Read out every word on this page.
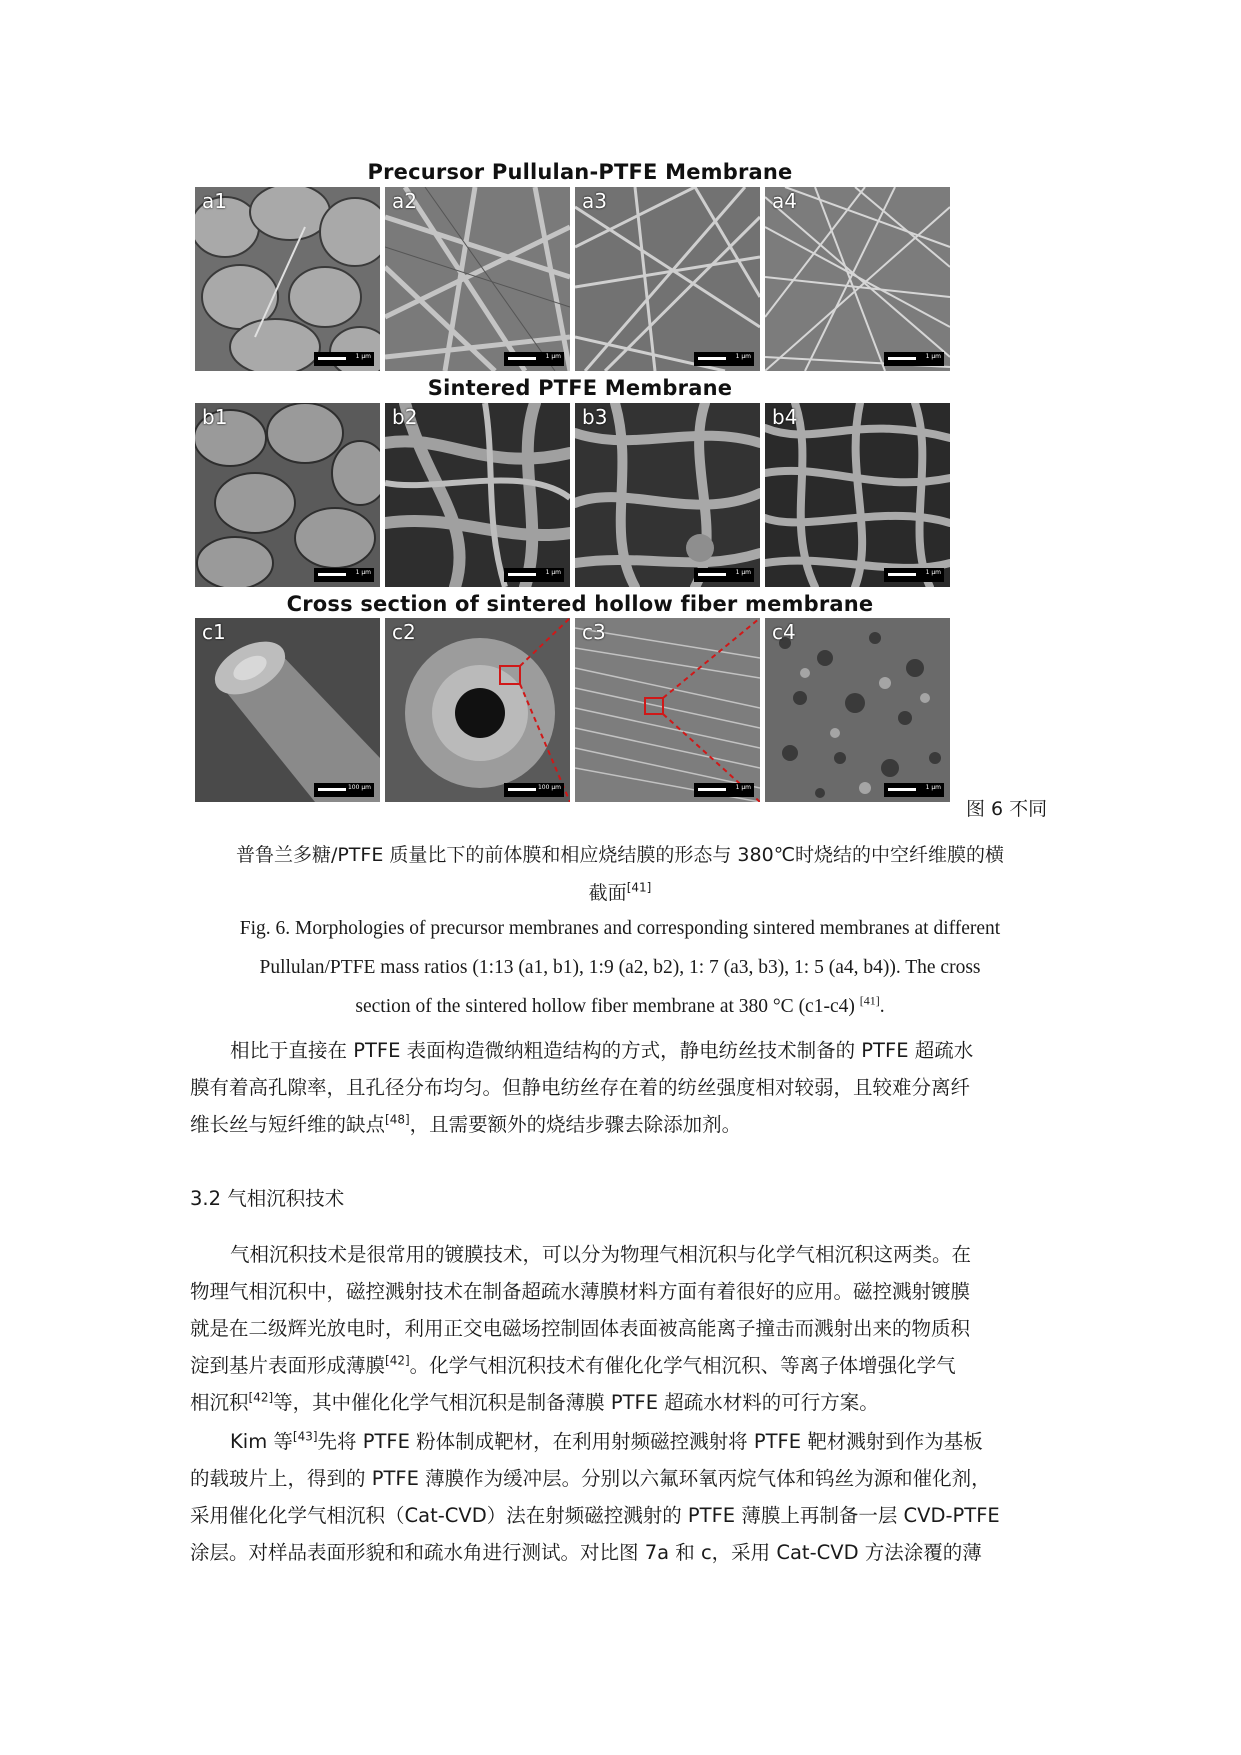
Precursor Pullulan-PTFE Membrane
Sintered PTFE Membrane
Cross section of sintered hollow fiber membrane
a1
1 μm
a2
1 μm
a3
1 μm
a4
1 μm
b1
1 μm
b2
1 μm
b3
1 μm
b4
1 μm
c1
100 μm
c2
100 μm
c3
1 μm
c4
1 μm
图 6 不同
普鲁兰多糖/PTFE 质量比下的前体膜和相应烧结膜的形态与 380℃时烧结的中空纤维膜的横
截面[41]
Fig. 6. Morphologies of precursor membranes and corresponding sintered membranes at different
Pullulan/PTFE mass ratios (1:13 (a1, b1), 1:9 (a2, b2), 1: 7 (a3, b3), 1: 5 (a4, b4)). The cross
section of the sintered hollow fiber membrane at 380 °C (c1-c4) [41].
相比于直接在 PTFE 表面构造微纳粗造结构的方式，静电纺丝技术制备的 PTFE 超疏水
膜有着高孔隙率，且孔径分布均匀。但静电纺丝存在着的纺丝强度相对较弱，且较难分离纤
维长丝与短纤维的缺点[48]，且需要额外的烧结步骤去除添加剂。
3.2 气相沉积技术
气相沉积技术是很常用的镀膜技术，可以分为物理气相沉积与化学气相沉积这两类。在
物理气相沉积中，磁控溅射技术在制备超疏水薄膜材料方面有着很好的应用。磁控溅射镀膜
就是在二级辉光放电时，利用正交电磁场控制固体表面被高能离子撞击而溅射出来的物质积
淀到基片表面形成薄膜[42]。化学气相沉积技术有催化化学气相沉积、等离子体增强化学气
相沉积[42]等，其中催化化学气相沉积是制备薄膜 PTFE 超疏水材料的可行方案。
Kim 等[43]先将 PTFE 粉体制成靶材，在利用射频磁控溅射将 PTFE 靶材溅射到作为基板
的载玻片上，得到的 PTFE 薄膜作为缓冲层。分别以六氟环氧丙烷气体和钨丝为源和催化剂，
采用催化化学气相沉积（Cat-CVD）法在射频磁控溅射的 PTFE 薄膜上再制备一层 CVD-PTFE
涂层。对样品表面形貌和和疏水角进行测试。对比图 7a 和 c，采用 Cat-CVD 方法涂覆的薄
